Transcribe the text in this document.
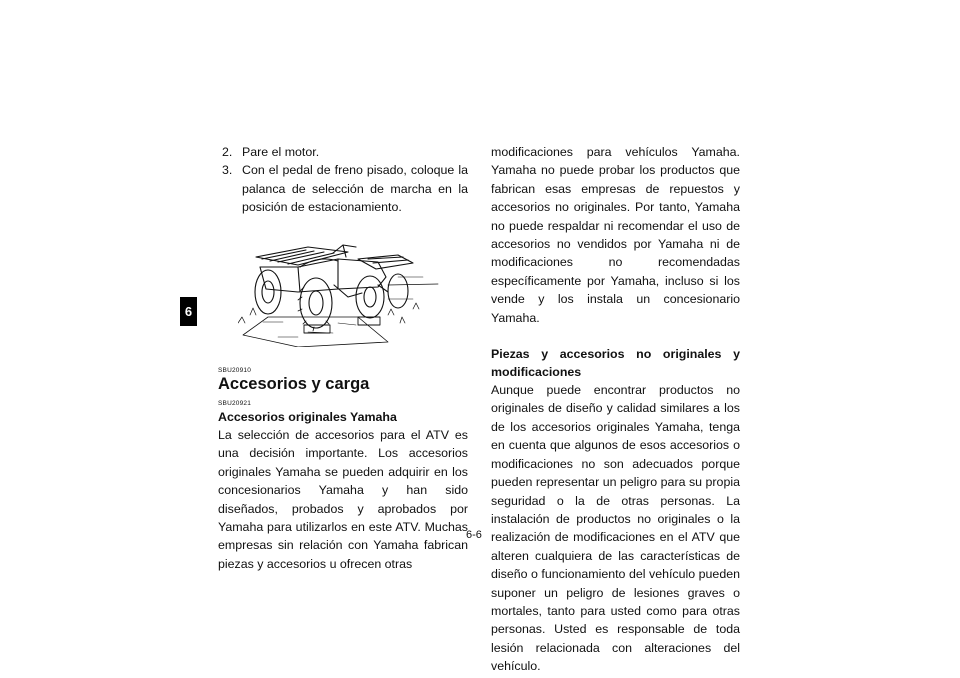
6
2. Pare el motor.
3. Con el pedal de freno pisado, coloque la palanca de selección de marcha en la posición de estacionamiento.
SBU20910
Accesorios y carga
SBU20921
Accesorios originales Yamaha
La selección de accesorios para el ATV es una decisión importante. Los accesorios originales Yamaha se pueden adquirir en los concesionarios Yamaha y han sido diseñados, probados y aprobados por Yamaha para utilizarlos en este ATV. Muchas empresas sin relación con Yamaha fabrican piezas y accesorios u ofrecen otras
modificaciones para vehículos Yamaha. Yamaha no puede probar los productos que fabrican esas empresas de repuestos y accesorios no originales. Por tanto, Yamaha no puede respaldar ni recomendar el uso de accesorios no vendidos por Yamaha ni de modificaciones no recomendadas específicamente por Yamaha, incluso si los vende y los instala un concesionario Yamaha.
Piezas y accesorios no originales y modificaciones
Aunque puede encontrar productos no originales de diseño y calidad similares a los de los accesorios originales Yamaha, tenga en cuenta que algunos de esos accesorios o modificaciones no son adecuados porque pueden representar un peligro para su propia seguridad o la de otras personas. La instalación de productos no originales o la realización de modificaciones en el ATV que alteren cualquiera de las características de diseño o funcionamiento del vehículo pueden suponer un peligro de lesiones graves o mortales, tanto para usted como para otras personas. Usted es responsable de toda lesión relacionada con alteraciones del vehículo.
6-6
